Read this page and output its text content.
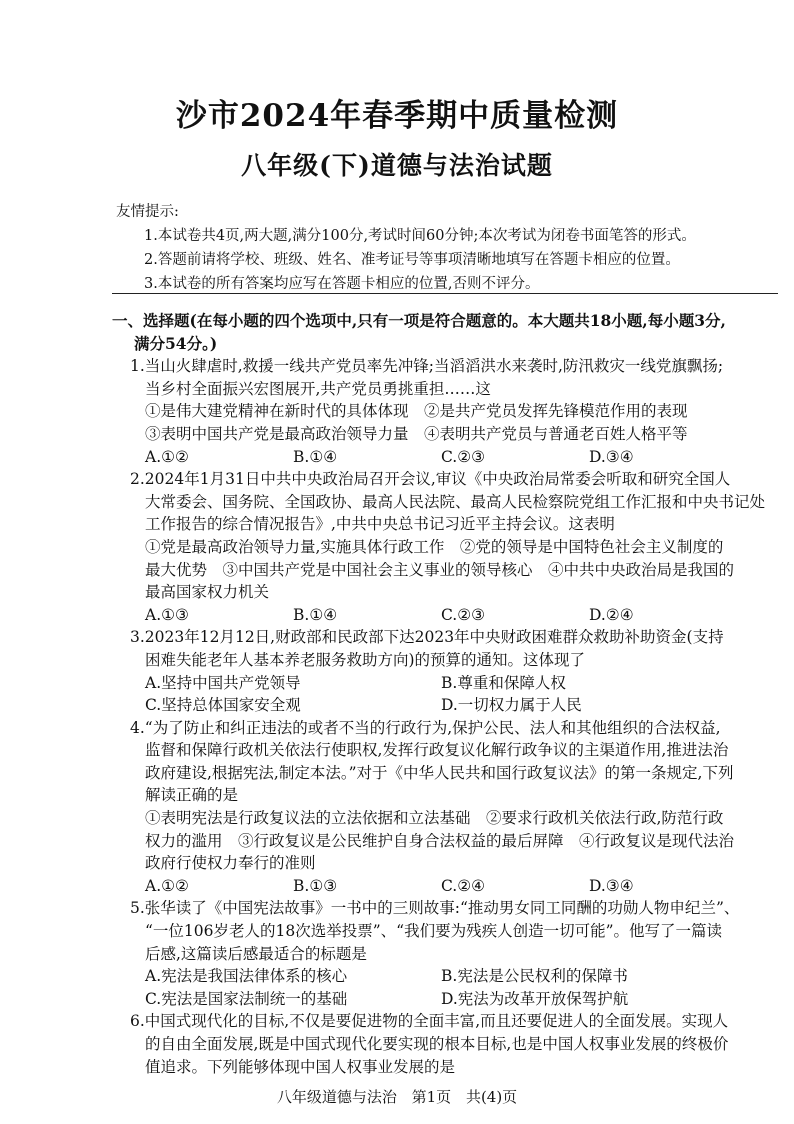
沙市2024年春季期中质量检测
八年级(下)道德与法治试题
友情提示:
1.本试卷共4页,两大题,满分100分,考试时间60分钟;本次考试为闭卷书面笔答的形式。
2.答题前请将学校、班级、姓名、准考证号等事项清晰地填写在答题卡相应的位置。
3.本试卷的所有答案均应写在答题卡相应的位置,否则不评分。
一、选择题(在每小题的四个选项中,只有一项是符合题意的。本大题共18小题,每小题3分,
满分54分。)
1.当山火肆虐时,救援一线共产党员率先冲锋;当滔滔洪水来袭时,防汛救灾一线党旗飘扬;
当乡村全面振兴宏图展开,共产党员勇挑重担……这
①是伟大建党精神在新时代的具体体现　②是共产党员发挥先锋模范作用的表现
③表明中国共产党是最高政治领导力量　④表明共产党员与普通老百姓人格平等
A.①②	B.①④	C.②③	D.③④
2.2024年1月31日中共中央政治局召开会议,审议《中央政治局常委会听取和研究全国人
大常委会、国务院、全国政协、最高人民法院、最高人民检察院党组工作汇报和中央书记处
工作报告的综合情况报告》,中共中央总书记习近平主持会议。这表明
①党是最高政治领导力量,实施具体行政工作　②党的领导是中国特色社会主义制度的
最大优势　③中国共产党是中国社会主义事业的领导核心　④中共中央政治局是我国的
最高国家权力机关
A.①③	B.①④	C.②③	D.②④
3.2023年12月12日,财政部和民政部下达2023年中央财政困难群众救助补助资金(支持
困难失能老年人基本养老服务救助方向)的预算的通知。这体现了
A.坚持中国共产党领导	B.尊重和保障人权
C.坚持总体国家安全观	D.一切权力属于人民
4.“为了防止和纠正违法的或者不当的行政行为,保护公民、法人和其他组织的合法权益,
监督和保障行政机关依法行使职权,发挥行政复议化解行政争议的主渠道作用,推进法治
政府建设,根据宪法,制定本法。”对于《中华人民共和国行政复议法》的第一条规定,下列
解读正确的是
①表明宪法是行政复议法的立法依据和立法基础　②要求行政机关依法行政,防范行政
权力的滥用　③行政复议是公民维护自身合法权益的最后屏障　④行政复议是现代法治
政府行使权力奉行的准则
A.①②	B.①③	C.②④	D.③④
5.张华读了《中国宪法故事》一书中的三则故事:“推动男女同工同酬的功勋人物申纪兰”、
“一位106岁老人的18次选举投票”、“我们要为残疾人创造一切可能”。他写了一篇读
后感,这篇读后感最适合的标题是
A.宪法是我国法律体系的核心	B.宪法是公民权利的保障书
C.宪法是国家法制统一的基础	D.宪法为改革开放保驾护航
6.中国式现代化的目标,不仅是要促进物的全面丰富,而且还要促进人的全面发展。实现人
的自由全面发展,既是中国式现代化要实现的根本目标,也是中国人权事业发展的终极价
值追求。下列能够体现中国人权事业发展的是
八年级道德与法治 第1页 共(4)页
